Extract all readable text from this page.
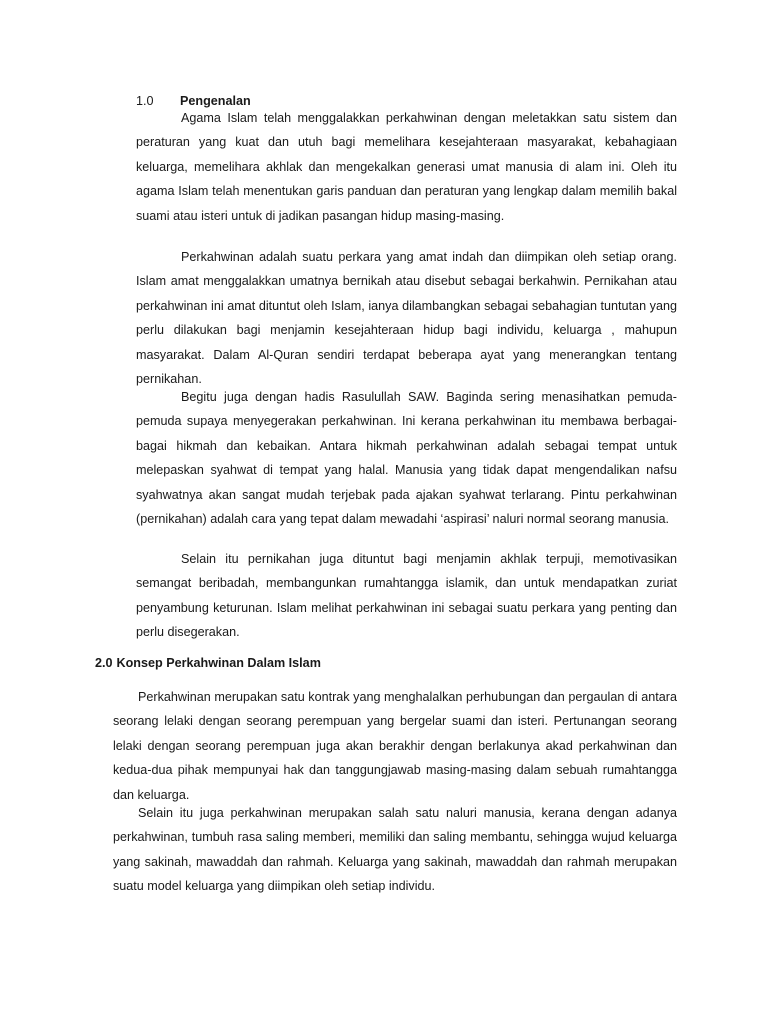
1.0	Pengenalan

Agama Islam telah menggalakkan perkahwinan dengan meletakkan satu sistem dan peraturan yang kuat dan utuh bagi memelihara kesejahteraan masyarakat, kebahagiaan keluarga, memelihara akhlak dan mengekalkan generasi umat manusia di alam ini. Oleh itu agama Islam telah menentukan garis panduan dan peraturan yang lengkap dalam memilih bakal suami atau isteri untuk di jadikan pasangan hidup masing-masing.

Perkahwinan adalah suatu perkara yang amat indah dan diimpikan oleh setiap orang. Islam amat menggalakkan umatnya bernikah atau disebut sebagai berkahwin. Pernikahan atau perkahwinan ini amat dituntut oleh Islam, ianya dilambangkan sebagai sebahagian tuntutan yang perlu dilakukan bagi menjamin kesejahteraan hidup bagi individu, keluarga , mahupun masyarakat. Dalam Al-Quran sendiri terdapat beberapa ayat yang menerangkan tentang pernikahan.

Begitu juga dengan hadis Rasulullah SAW. Baginda sering menasihatkan pemuda-pemuda supaya menyegerakan perkahwinan. Ini kerana perkahwinan itu membawa berbagai-bagai hikmah dan kebaikan. Antara hikmah perkahwinan adalah sebagai tempat untuk melepaskan syahwat di tempat yang halal. Manusia yang tidak dapat mengendalikan nafsu syahwatnya akan sangat mudah terjebak pada ajakan syahwat terlarang. Pintu perkahwinan (pernikahan) adalah cara yang tepat dalam mewadahi ‘aspirasi’ naluri normal seorang manusia.

Selain itu pernikahan juga dituntut bagi menjamin akhlak terpuji, memotivasikan semangat beribadah, membangunkan rumahtangga islamik, dan untuk mendapatkan zuriat penyambung keturunan. Islam melihat perkahwinan ini sebagai suatu perkara yang penting dan perlu disegerakan.

2.0 Konsep Perkahwinan Dalam Islam

Perkahwinan merupakan satu kontrak yang menghalalkan perhubungan dan pergaulan di antara seorang lelaki dengan seorang perempuan yang bergelar suami dan isteri. Pertunangan seorang lelaki dengan seorang perempuan juga akan berakhir dengan berlakunya akad perkahwinan dan kedua-dua pihak mempunyai hak dan tanggungjawab masing-masing dalam sebuah rumahtangga dan keluarga.

Selain itu juga perkahwinan merupakan salah satu naluri manusia, kerana dengan adanya perkahwinan, tumbuh rasa saling memberi, memiliki dan saling membantu, sehingga wujud keluarga yang sakinah, mawaddah dan rahmah. Keluarga yang sakinah, mawaddah dan rahmah merupakan suatu model keluarga yang diimpikan oleh setiap individu.
